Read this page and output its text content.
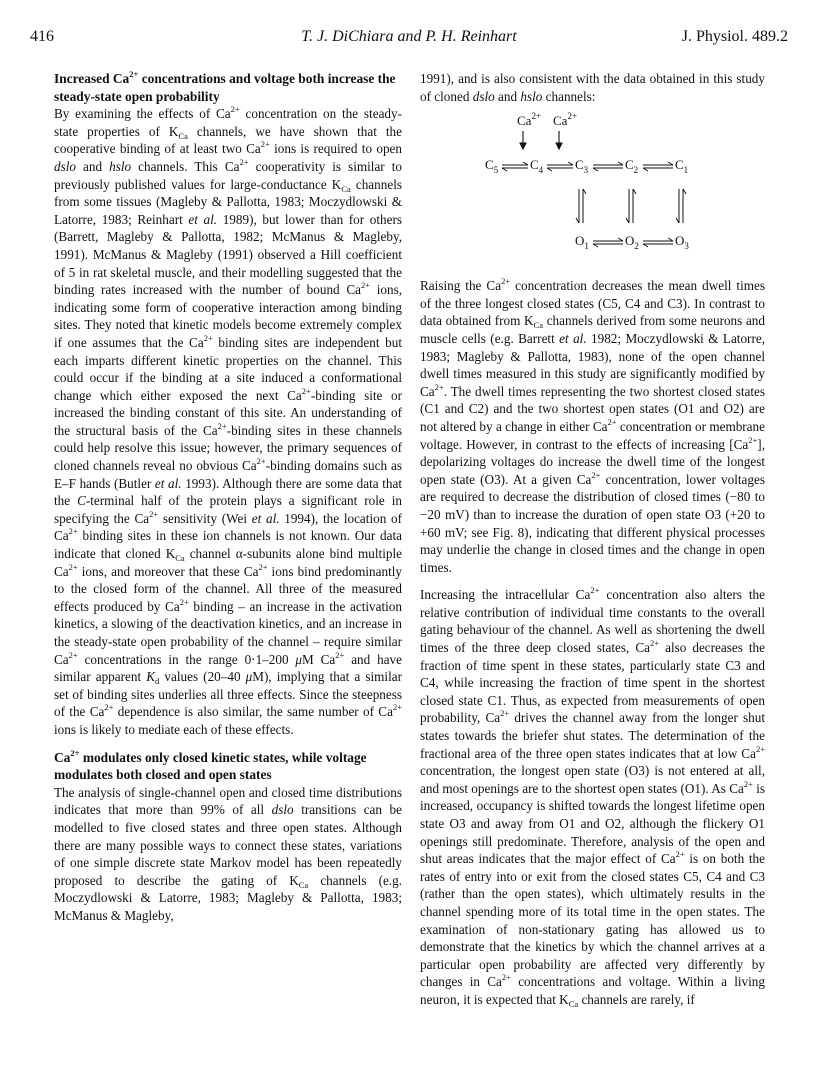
416	T. J. DiChiara and P. H. Reinhart	J. Physiol. 489.2
Increased $Ca^{2+}$ concentrations and voltage both increase the steady-state open probability

By examining the effects of $Ca^{2+}$ concentration on the steady-state properties of $K_{Ca}$ channels, we have shown that the cooperative binding of at least two $Ca^{2+}$ ions is required to open dslo and hslo channels. This $Ca^{2+}$ cooperativity is similar to previously published values for large-conductance $K_{Ca}$ channels from some tissues (Magleby & Pallotta, 1983; Moczydlowski & Latorre, 1983; Reinhart et al. 1989), but lower than for others (Barrett, Magleby & Pallotta, 1982; McManus & Magleby, 1991). McManus & Magleby (1991) observed a Hill coefficient of 5 in rat skeletal muscle, and their modelling suggested that the binding rates increased with the number of bound $Ca^{2+}$ ions, indicating some form of cooperative interaction among binding sites. They noted that kinetic models become extremely complex if one assumes that the $Ca^{2+}$ binding sites are independent but each imparts different kinetic properties on the channel. This could occur if the binding at a site induced a conformational change which either exposed the next $Ca^{2+}$-binding site or increased the binding constant of this site. An understanding of the structural basis of the $Ca^{2+}$-binding sites in these channels could help resolve this issue; however, the primary sequences of cloned channels reveal no obvious $Ca^{2+}$-binding domains such as E–F hands (Butler et al. 1993). Although there are some data that the C-terminal half of the protein plays a significant role in specifying the $Ca^{2+}$ sensitivity (Wei et al. 1994), the location of $Ca^{2+}$ binding sites in these ion channels is not known. Our data indicate that cloned $K_{Ca}$ channel α-subunits alone bind multiple $Ca^{2+}$ ions, and moreover that these $Ca^{2+}$ ions bind predominantly to the closed form of the channel. All three of the measured effects produced by $Ca^{2+}$ binding – an increase in the activation kinetics, a slowing of the deactivation kinetics, and an increase in the steady-state open probability of the channel – require similar $Ca^{2+}$ concentrations in the range 0·1–200 μM $Ca^{2+}$ and have similar apparent $K_d$ values (20–40 μM), implying that a similar set of binding sites underlies all three effects. Since the steepness of the $Ca^{2+}$ dependence is also similar, the same number of $Ca^{2+}$ ions is likely to mediate each of these effects.

$Ca^{2+}$ modulates only closed kinetic states, while voltage modulates both closed and open states

The analysis of single-channel open and closed time distributions indicates that more than 99% of all dslo transitions can be modelled to five closed states and three open states. Although there are many possible ways to connect these states, variations of one simple discrete state Markov model has been repeatedly proposed to describe the gating of $K_{Ca}$ channels (e.g. Moczydlowski & Latorre, 1983; Magleby & Pallotta, 1983; McManus & Magleby,

1991), and is also consistent with the data obtained in this study of cloned dslo and hslo channels:

$Ca^{2+}$ $Ca^{2+}$
$C_5$ $C_4$ $C_3$	$C_2$	$C_1$
$O_1$	$O_2$	$O_3$

Raising the $Ca^{2+}$ concentration decreases the mean dwell times of the three longest closed states (C5, C4 and C3). In contrast to data obtained from $K_{Ca}$ channels derived from some neurons and muscle cells (e.g. Barrett et al. 1982; Moczydlowski & Latorre, 1983; Magleby & Pallotta, 1983), none of the open channel dwell times measured in this study are significantly modified by $Ca^{2+}$. The dwell times representing the two shortest closed states (C1 and C2) and the two shortest open states (O1 and O2) are not altered by a change in either $Ca^{2+}$ concentration or membrane voltage. However, in contrast to the effects of increasing $[Ca^{2+}]$, depolarizing voltages do increase the dwell time of the longest open state (O3). At a given $Ca^{2+}$ concentration, lower voltages are required to decrease the distribution of closed times (−80 to −20 mV) than to increase the duration of open state O3 (+20 to +60 mV; see Fig. 8), indicating that different physical processes may underlie the change in closed times and the change in open times.

Increasing the intracellular $Ca^{2+}$ concentration also alters the relative contribution of individual time constants to the overall gating behaviour of the channel. As well as shortening the dwell times of the three deep closed states, $Ca^{2+}$ also decreases the fraction of time spent in these states, particularly state C3 and C4, while increasing the fraction of time spent in the shortest closed state C1. Thus, as expected from measurements of open probability, $Ca^{2+}$ drives the channel away from the longer shut states towards the briefer shut states. The determination of the fractional area of the three open states indicates that at low $Ca^{2+}$ concentration, the longest open state (O3) is not entered at all, and most openings are to the shortest open states (O1). As $Ca^{2+}$ is increased, occupancy is shifted towards the longest lifetime open state O3 and away from O1 and O2, although the flickery O1 openings still predominate. Therefore, analysis of the open and shut areas indicates that the major effect of $Ca^{2+}$ is on both the rates of entry into or exit from the closed states C5, C4 and C3 (rather than the open states), which ultimately results in the channel spending more of its total time in the open states. The examination of non-stationary gating has allowed us to demonstrate that the kinetics by which the channel arrives at a particular open probability are affected very differently by changes in $Ca^{2+}$ concentrations and voltage. Within a living neuron, it is expected that $K_{Ca}$ channels are rarely, if
